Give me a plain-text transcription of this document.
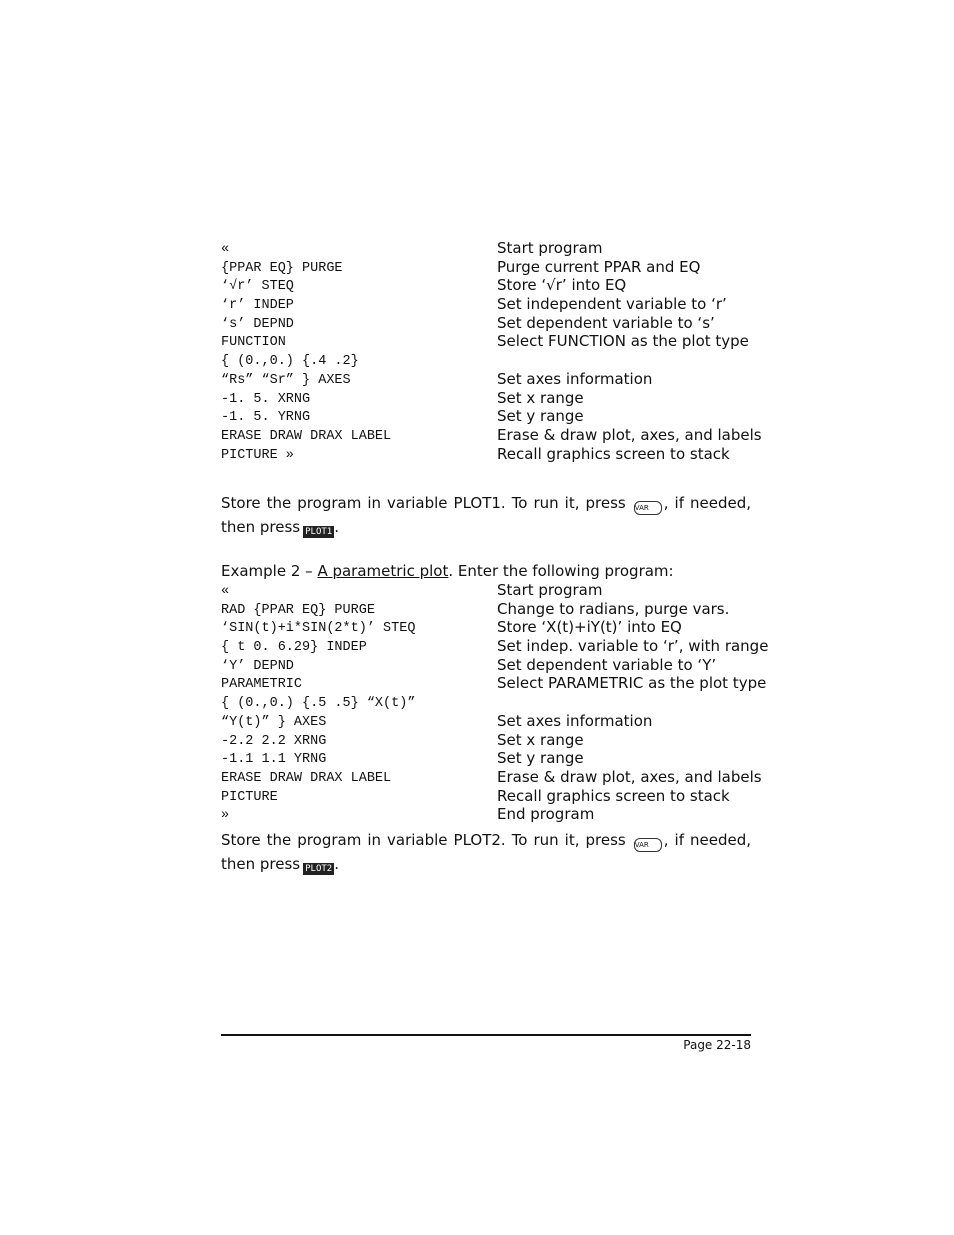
«	Start program
{PPAR EQ} PURGE	Purge current PPAR and EQ
‘√r’ STEQ	Store ‘√r’ into EQ
‘r’ INDEP	Set independent variable to ‘r’
‘s’ DEPND	Set dependent variable to ‘s’
FUNCTION	Select FUNCTION as the plot type
{ (0.,0.) {.4 .2}
“Rs” “Sr” } AXES	Set axes information
-1. 5. XRNG	Set x range
-1. 5. YRNG	Set y range
ERASE DRAW DRAX LABEL	Erase & draw plot, axes, and labels
PICTURE »	Recall graphics screen to stack
Store the program in variable PLOT1. To run it, press VAR , if needed, then press PLOT1 .
Example 2 – A parametric plot. Enter the following program:
«	Start program
RAD {PPAR EQ} PURGE	Change to radians, purge vars.
‘SIN(t)+i*SIN(2*t)’ STEQ	Store ‘X(t)+iY(t)’ into EQ
{ t 0. 6.29} INDEP	Set indep. variable to ‘r’, with range
‘Y’ DEPND	Set dependent variable to ‘Y’
PARAMETRIC	Select PARAMETRIC as the plot type
{ (0.,0.) {.5 .5} “X(t)”
“Y(t)” } AXES	Set axes information
-2.2 2.2 XRNG	Set x range
-1.1 1.1 YRNG	Set y range
ERASE DRAW DRAX LABEL	Erase & draw plot, axes, and labels
PICTURE	Recall graphics screen to stack
»	End program
Store the program in variable PLOT2. To run it, press VAR , if needed, then press PLOT2 .
Page 22-18
